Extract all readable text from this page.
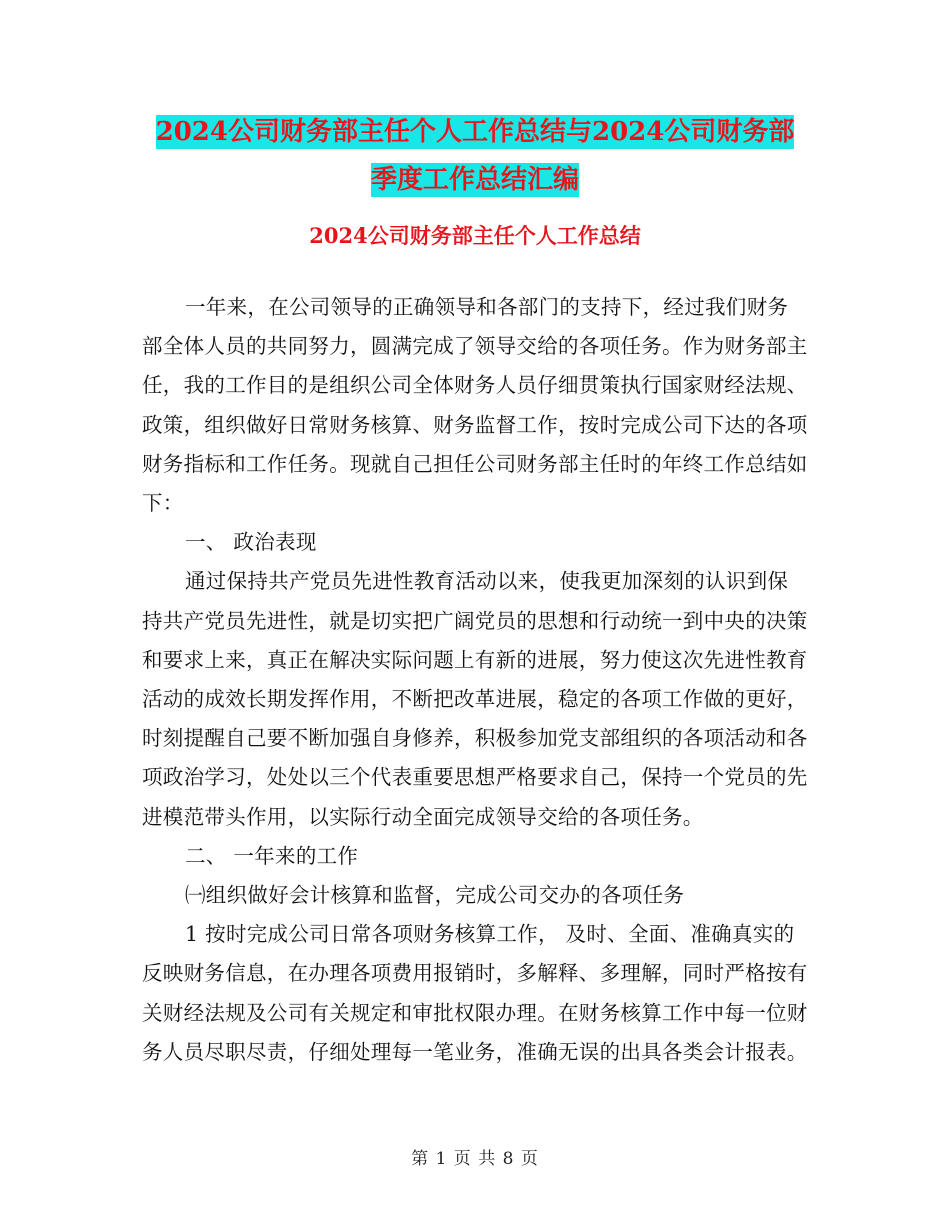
2024公司财务部主任个人工作总结与2024公司财务部
季度工作总结汇编
2024公司财务部主任个人工作总结

一年来，在公司领导的正确领导和各部门的支持下，经过我们财务部全体人员的共同努力，圆满完成了领导交给的各项任务。作为财务部主任，我的工作目的是组织公司全体财务人员仔细贯策执行国家财经法规、政策，组织做好日常财务核算、财务监督工作，按时完成公司下达的各项财务指标和工作任务。现就自己担任公司财务部主任时的年终工作总结如下：

一、 政治表现

通过保持共产党员先进性教育活动以来，使我更加深刻的认识到保持共产党员先进性，就是切实把广阔党员的思想和行动统一到中央的决策和要求上来，真正在解决实际问题上有新的进展，努力使这次先进性教育活动的成效长期发挥作用，不断把改革进展，稳定的各项工作做的更好，时刻提醒自己要不断加强自身修养，积极参加党支部组织的各项活动和各项政治学习，处处以三个代表重要思想严格要求自己，保持一个党员的先进模范带头作用，以实际行动全面完成领导交给的各项任务。

二、 一年来的工作

㈠组织做好会计核算和监督，完成公司交办的各项任务

1 按时完成公司日常各项财务核算工作， 及时、全面、准确真实的反映财务信息，在办理各项费用报销时，多解释、多理解，同时严格按有关财经法规及公司有关规定和审批权限办理。在财务核算工作中每一位财务人员尽职尽责，仔细处理每一笔业务，准确无误的出具各类会计报表。

第 1 页 共 8 页
